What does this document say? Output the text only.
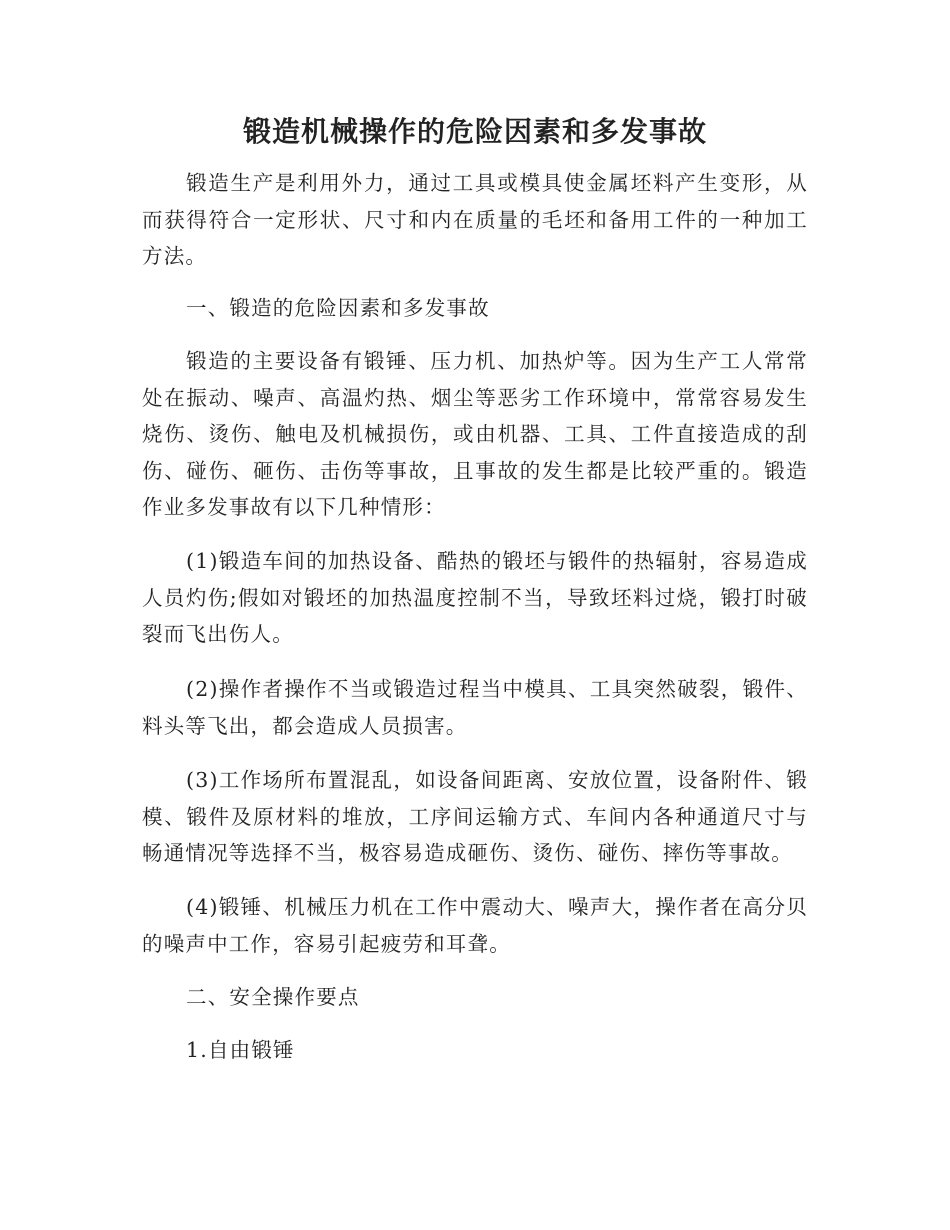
锻造机械操作的危险因素和多发事故

锻造生产是利用外力，通过工具或模具使金属坯料产生变形，从而获得符合一定形状、尺寸和内在质量的毛坯和备用工件的一种加工方法。

一、锻造的危险因素和多发事故

锻造的主要设备有锻锤、压力机、加热炉等。因为生产工人常常处在振动、噪声、高温灼热、烟尘等恶劣工作环境中，常常容易发生烧伤、烫伤、触电及机械损伤，或由机器、工具、工件直接造成的刮伤、碰伤、砸伤、击伤等事故，且事故的发生都是比较严重的。锻造作业多发事故有以下几种情形：

(1)锻造车间的加热设备、酷热的锻坯与锻件的热辐射，容易造成人员灼伤;假如对锻坯的加热温度控制不当，导致坯料过烧，锻打时破裂而飞出伤人。

(2)操作者操作不当或锻造过程当中模具、工具突然破裂，锻件、料头等飞出，都会造成人员损害。

(3)工作场所布置混乱，如设备间距离、安放位置，设备附件、锻模、锻件及原材料的堆放，工序间运输方式、车间内各种通道尺寸与畅通情况等选择不当，极容易造成砸伤、烫伤、碰伤、摔伤等事故。

(4)锻锤、机械压力机在工作中震动大、噪声大，操作者在高分贝的噪声中工作，容易引起疲劳和耳聋。

二、安全操作要点

1.自由锻锤
